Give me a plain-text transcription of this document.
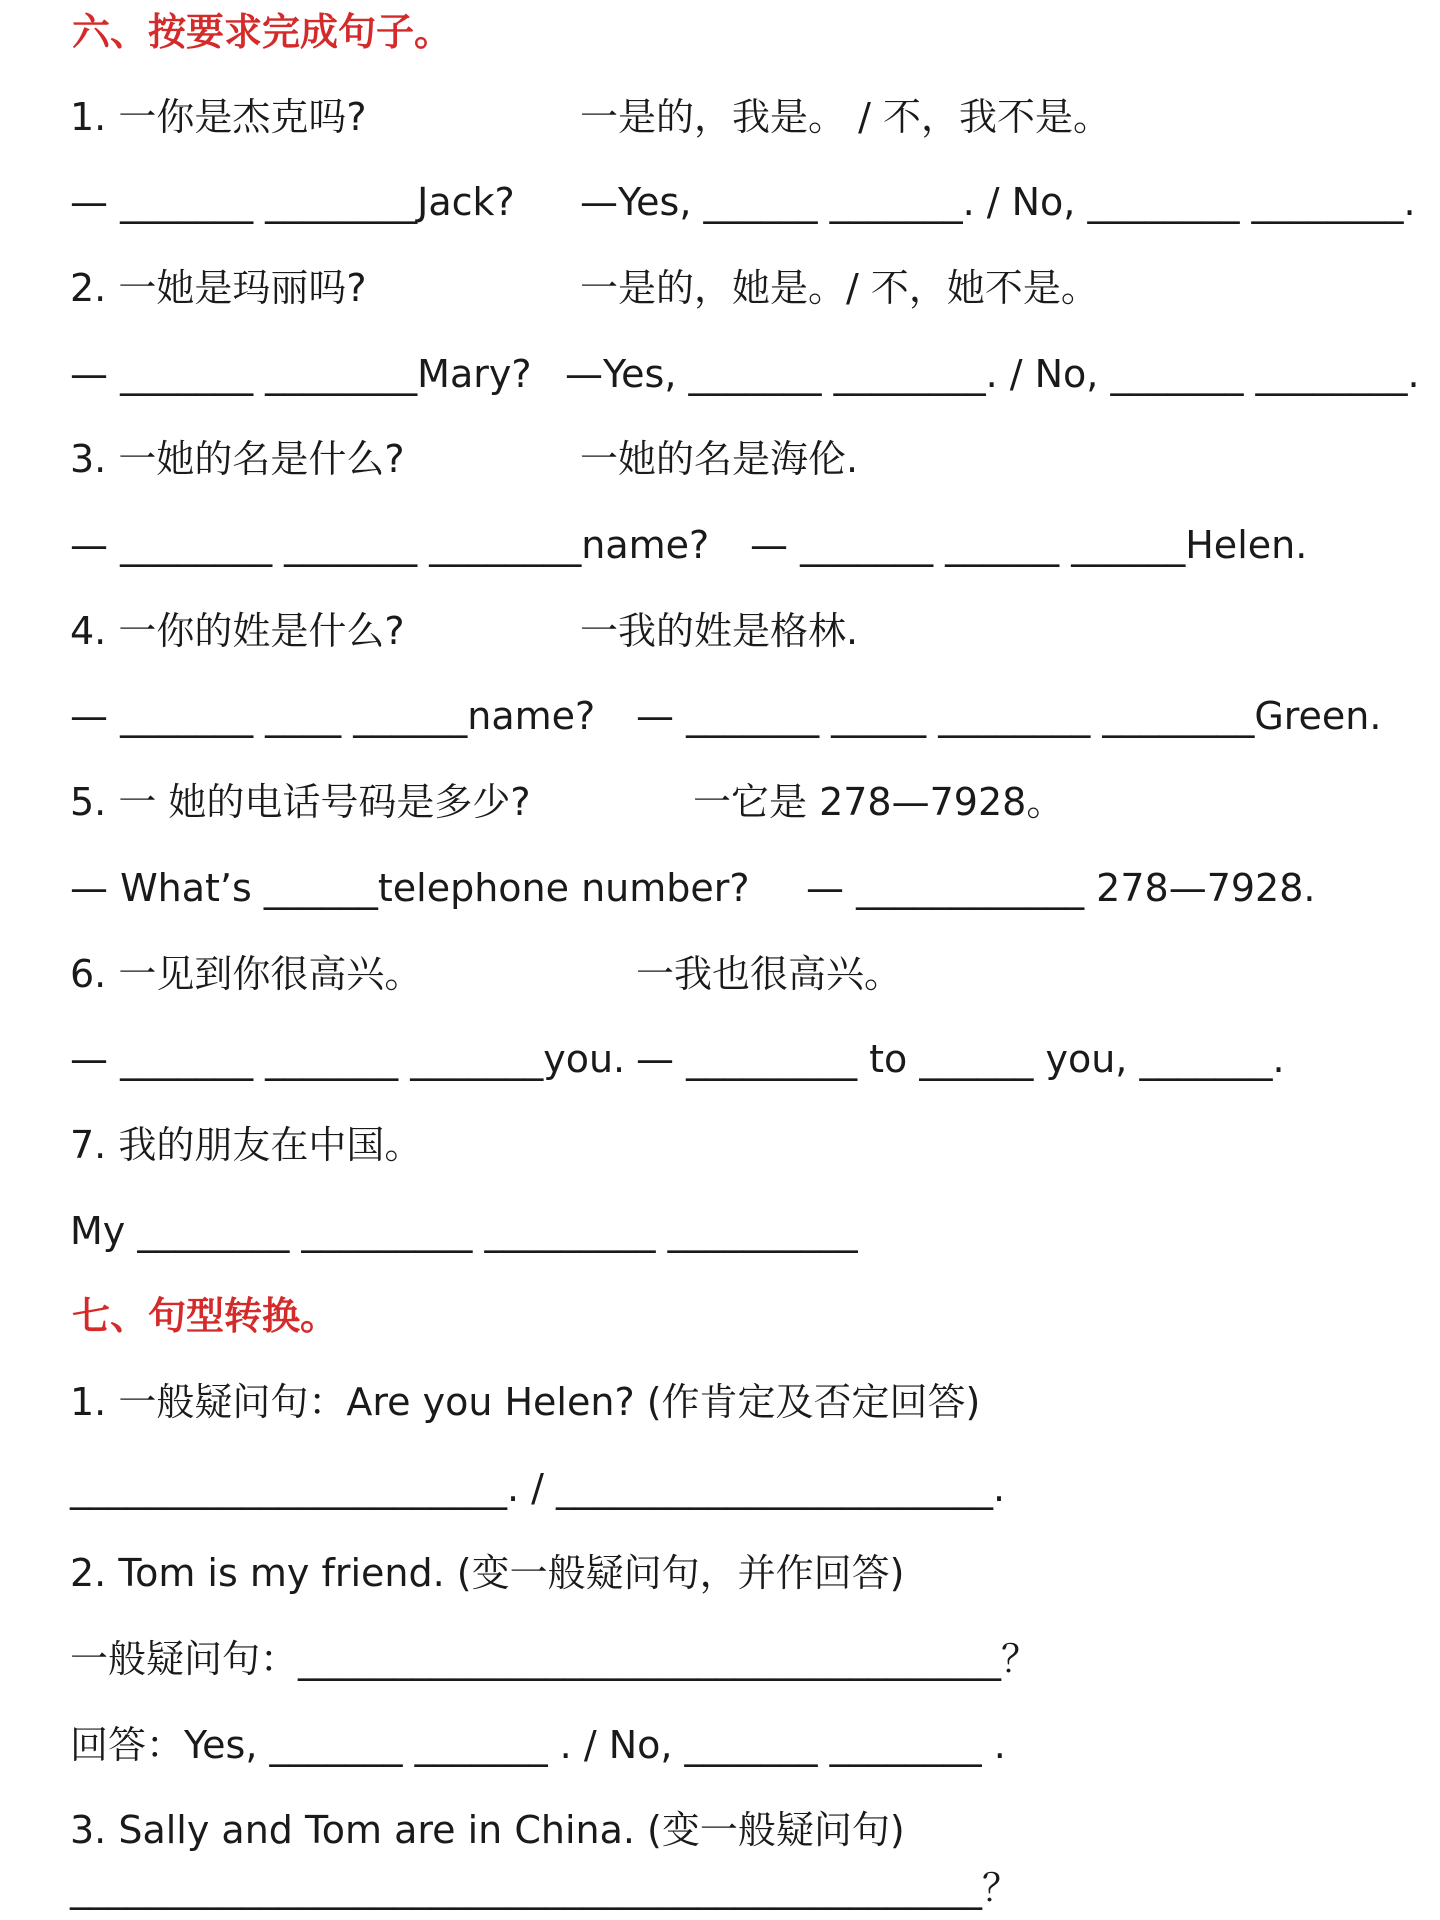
六、按要求完成句子。
1. 一你是杰克吗?	一是的，我是。 / 不，我不是。
— _______ ________Jack? —Yes, ______ _______. / No, ________ ________.
2. 一她是玛丽吗?	一是的，她是。/ 不，她不是。
— _______ ________Mary? —Yes, _______ ________. / No, _______ ________.
3. 一她的名是什么?	一她的名是海伦.
— ________ _______ ________name? — _______ ______ ______Helen.
4. 一你的姓是什么?	一我的姓是格林.
— _______ ____ ______name? — _______ _____ ________ ________Green.
5. 一 她的电话号码是多少?	一它是 278—7928。
— What’s ______telephone number? — ____________ 278—7928.
6. 一见到你很高兴。	一我也很高兴。
— _______ _______ _______you. — _________ to ______ you, _______.
7. 我的朋友在中国。
My ________ _________ _________ __________
七、句型转换。
1. 一般疑问句：Are you Helen? (作肯定及否定回答)
_______________________. / _______________________.
2. Tom is my friend. (变一般疑问句，并作回答)
一般疑问句：_____________________________________？
回答：Yes, _______ _______ . / No, _______ ________ .
3. Sally and Tom are in China. (变一般疑问句)
________________________________________________？
